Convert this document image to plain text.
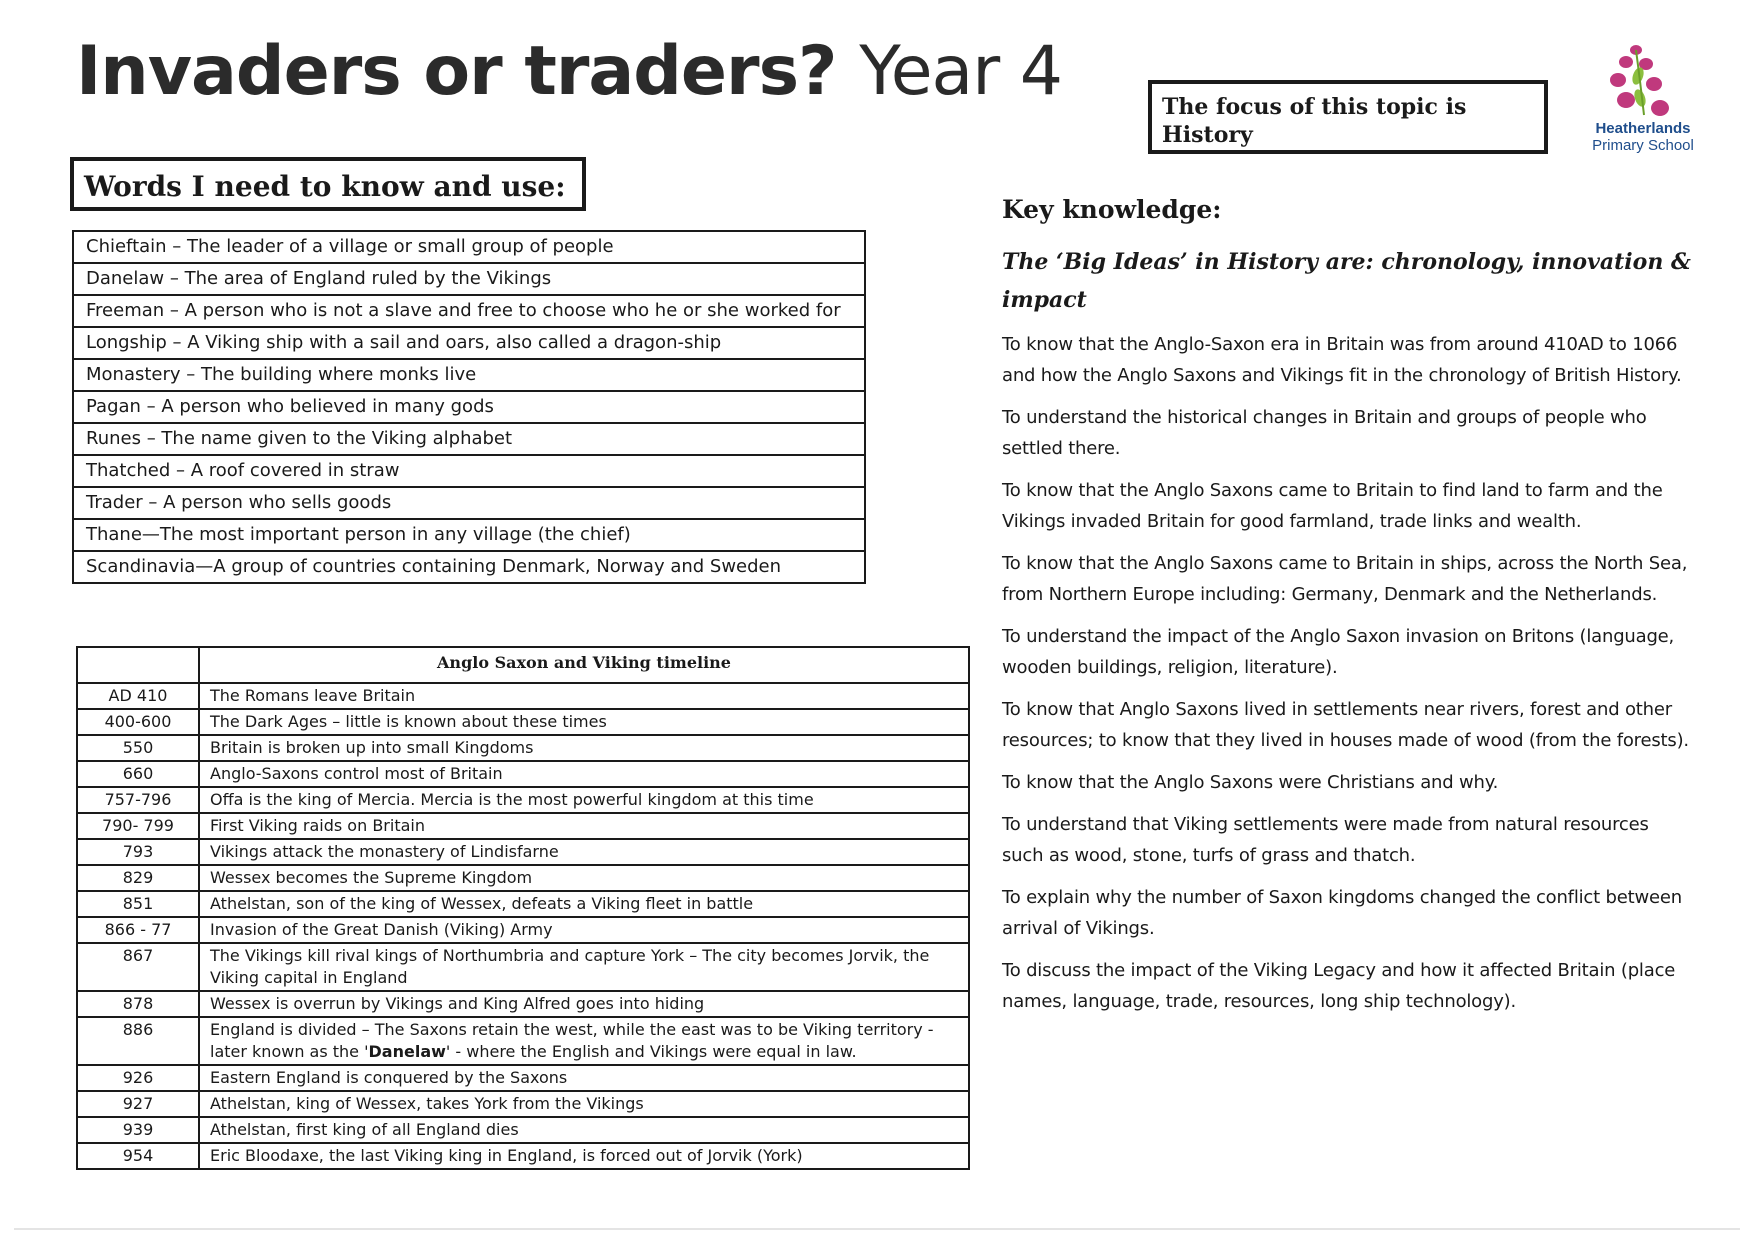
Invaders or traders? Year 4	The focus of this topic is History	Heatherlands
Primary School
Words I need to know and use:
Chieftain – The leader of a village or small group of people
Danelaw – The area of England ruled by the Vikings
Freeman – A person who is not a slave and free to choose who he or she worked for
Longship – A Viking ship with a sail and oars, also called a dragon-ship
Monastery – The building where monks live
Pagan – A person who believed in many gods
Runes – The name given to the Viking alphabet
Thatched – A roof covered in straw
Trader – A person who sells goods
Thane—The most important person in any village (the chief)
Scandinavia—A group of countries containing Denmark, Norway and Sweden
	Anglo Saxon and Viking timeline
AD 410	The Romans leave Britain
400-600	The Dark Ages – little is known about these times
550	Britain is broken up into small Kingdoms
660	Anglo-Saxons control most of Britain
757-796	Offa is the king of Mercia. Mercia is the most powerful kingdom at this time
790- 799	First Viking raids on Britain
793	Vikings attack the monastery of Lindisfarne
829	Wessex becomes the Supreme Kingdom
851	Athelstan, son of the king of Wessex, defeats a Viking fleet in battle
866 - 77	Invasion of the Great Danish (Viking) Army
867	The Vikings kill rival kings of Northumbria and capture York – The city becomes Jorvik, the Viking capital in England
878	Wessex is overrun by Vikings and King Alfred goes into hiding
886	England is divided – The Saxons retain the west, while the east was to be Viking territory - later known as the 'Danelaw' - where the English and Vikings were equal in law.
926	Eastern England is conquered by the Saxons
927	Athelstan, king of Wessex, takes York from the Vikings
939	Athelstan, first king of all England dies
954	Eric Bloodaxe, the last Viking king in England, is forced out of Jorvik (York)
Key knowledge:

The ‘Big Ideas’ in History are: chronology, innovation & impact

To know that the Anglo-Saxon era in Britain was from around 410AD to 1066 and how the Anglo Saxons and Vikings fit in the chronology of British History.

To understand the historical changes in Britain and groups of people who settled there.

To know that the Anglo Saxons came to Britain to find land to farm and the Vikings invaded Britain for good farmland, trade links and wealth.

To know that the Anglo Saxons came to Britain in ships, across the North Sea, from Northern Europe including: Germany, Denmark and the Netherlands.

To understand the impact of the Anglo Saxon invasion on Britons (language, wooden buildings, religion, literature).

To know that Anglo Saxons lived in settlements near rivers, forest and other resources; to know that they lived in houses made of wood (from the forests).

To know that the Anglo Saxons were Christians and why.

To understand that Viking settlements were made from natural resources such as wood, stone, turfs of grass and thatch.

To explain why the number of Saxon kingdoms changed the conflict between arrival of Vikings.

To discuss the impact of the Viking Legacy and how it affected Britain (place names, language, trade, resources, long ship technology).
